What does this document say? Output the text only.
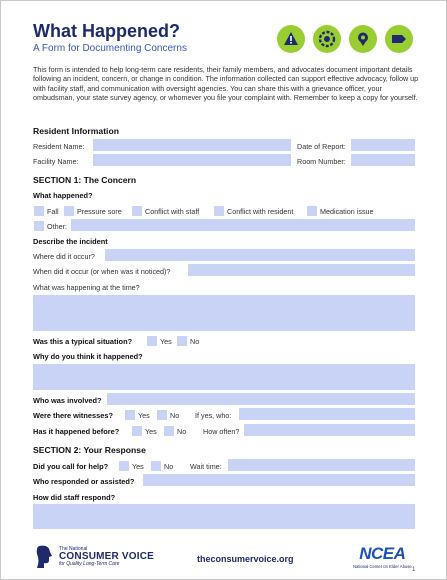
What Happened?
A Form for Documenting Concerns
This form is intended to help long-term care residents, their family members, and advocates document important details following an incident, concern, or change in condition. The information collected can support effective advocacy, follow up with facility staff, and communication with oversight agencies. You can share this with a grievance officer, your ombudsman, your state survey agency, or whomever you file your complaint with. Remember to keep a copy for yourself.
Resident Information
Resident Name:	Date of Report:
Facility Name:	Room Number:
SECTION 1: The Concern
What happened?
Fall	Pressure sore	Conflict with staff	Conflict with resident	Medication issue
Other:
Describe the incident
Where did it occur?
When did it occur (or when was it noticed)?
What was happening at the time?
Was this a typical situation?	Yes	No
Why do you think it happened?
Who was involved?
Were there witnesses?	Yes	No If yes, who:
Has it happened before?	Yes	No How often?
SECTION 2: Your Response
Did you call for help?	Yes	No Wait time:
Who responded or assisted?
How did staff respond?
The National
CONSUMER VOICE
for Quality Long-Term Care	theconsumervoice.org	NCEA
National Center on Elder Abuse
1
